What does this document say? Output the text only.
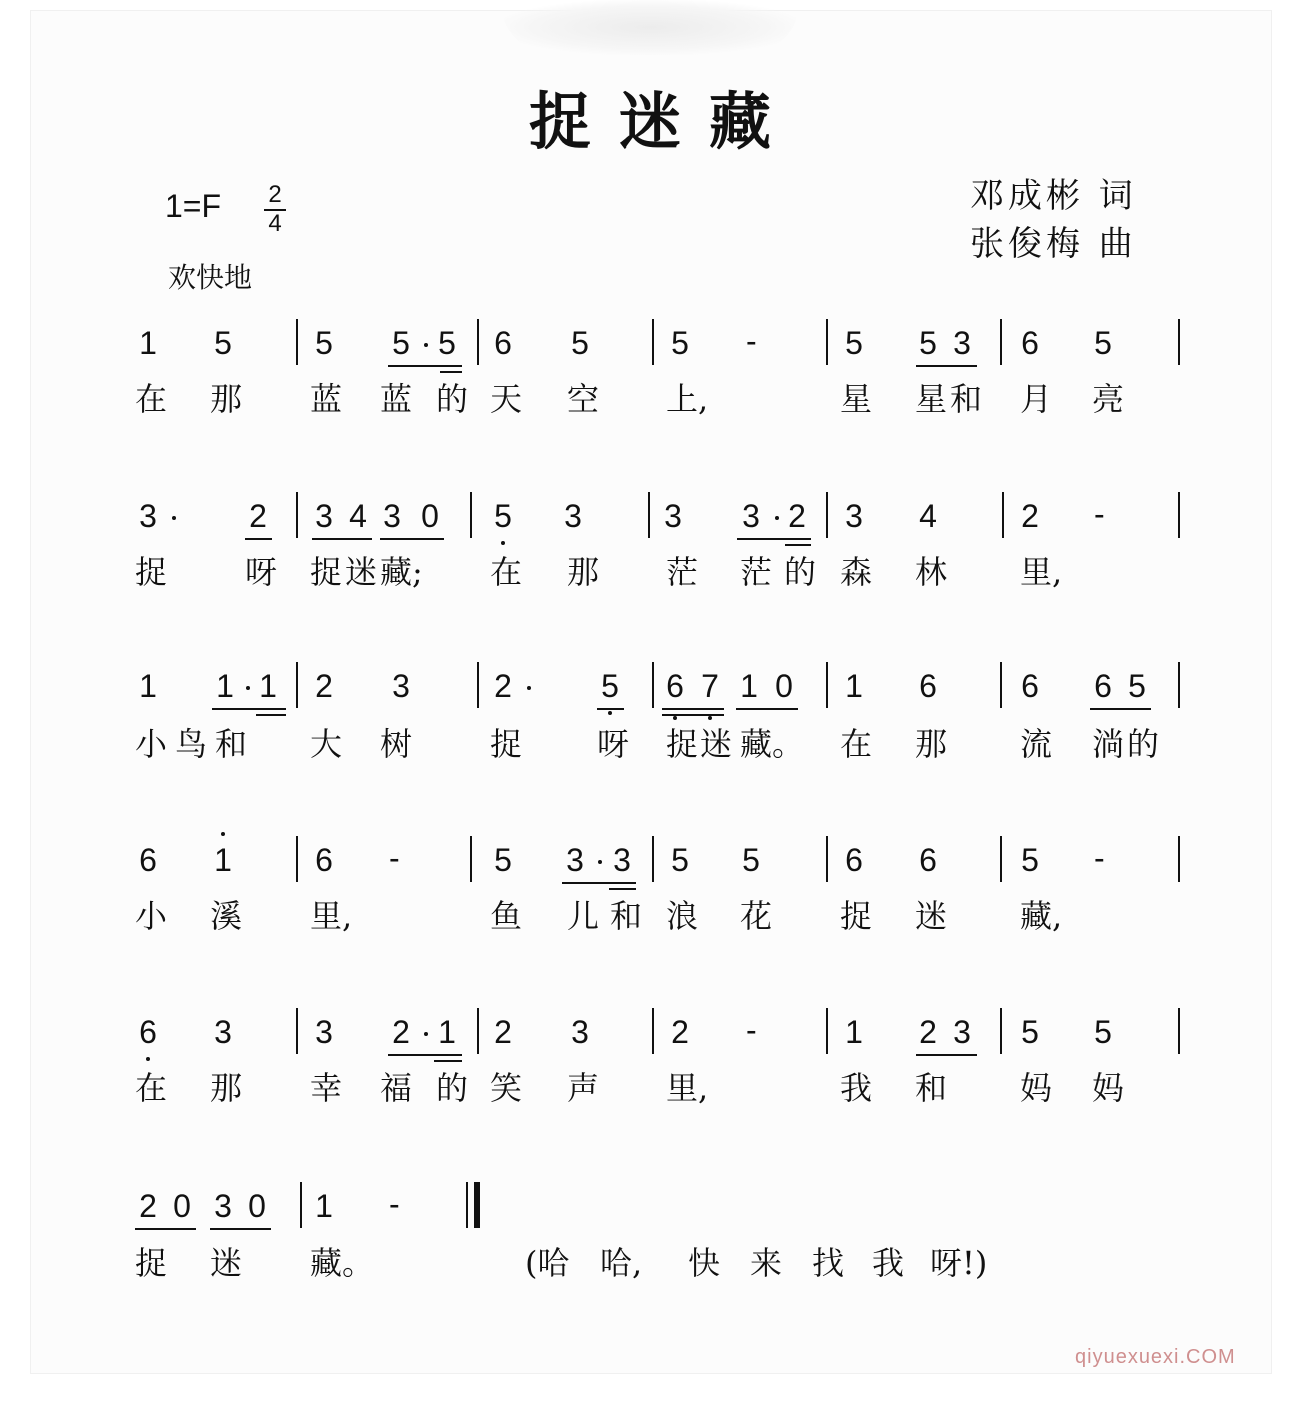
捉迷藏
$1=F \frac{2}{4}$
欢快地
邓成彬 词
张俊梅 曲
1 5	5 5 5 6 5	5	5 5 3 6 5
-
在 那 蓝 蓝 的 天 空 上,	星 星 和 月 亮
3	2 3 4 3 0 5 3	3 3 2 3 4	2 -
捉 呀 捉 迷 藏; 在 那 茫 茫 的 森 林 里,
1 1 1 2 3	2	5 6 7 1 0 1 6	6 6 5
小 鸟 和 大 树 捉 呀 捉 迷 藏。 在 那 流 淌 的
6 1	6	5 3 3 5 5	6 6	5
-	-
小 溪 里,	鱼 儿 和 浪 花 捉 迷 藏,
6 3	3 2 1 2 3	2	1 2 3 5 5
-
在 那 幸 福 的 笑 声 里,	我 和 妈 妈
2 0 3 0 1 -
捉 迷 藏。	(哈 哈, 快 来 找 我 呀!)
qiyuexuexi.COM
